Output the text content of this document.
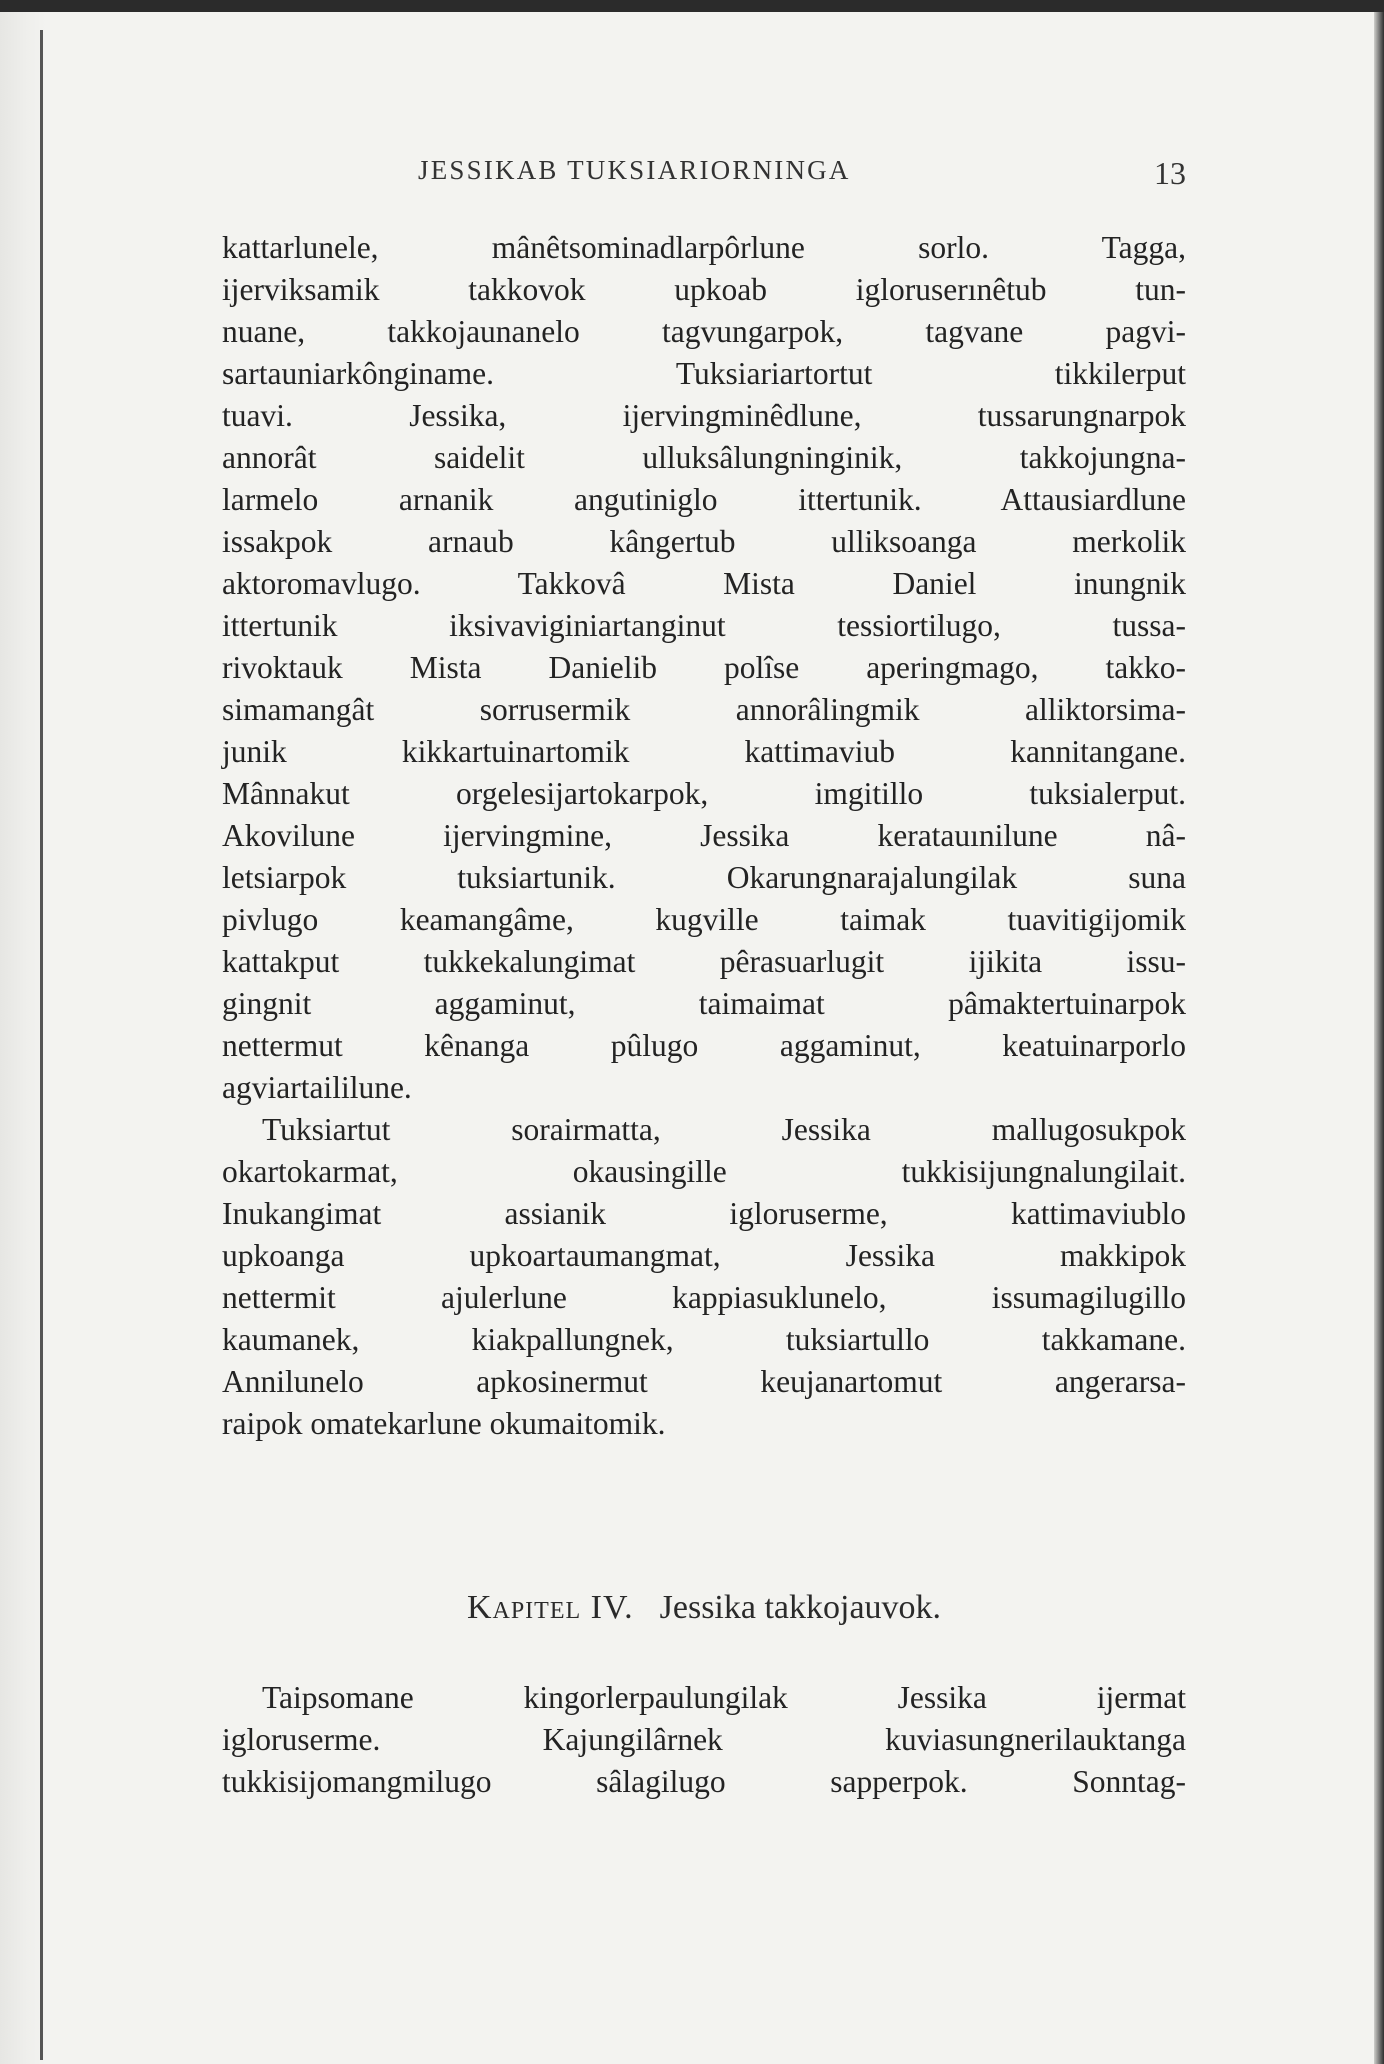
JESSIKAB TUKSIARIORNINGA	13
kattarlunele, mânêtsominadlarpôrlune sorlo. Tagga,
ijerviksamik takkovok upkoab igloruserınêtub tun-
nuane, takkojaunanelo tagvungarpok, tagvane pagvi-
sartauniarkônginame. Tuksiariartortut tikkilerput
tuavi. Jessika, ijervingminêdlune, tussarungnarpok
annorât saidelit ulluksâlungninginik, takkojungna-
larmelo arnanik angutiniglo ittertunik. Attausiardlune
issakpok arnaub kângertub ulliksoanga merkolik
aktoromavlugo. Takkovâ Mista Daniel inungnik
ittertunik iksivaviginiartanginut tessiortilugo, tussa-
rivoktauk Mista Danielib polîse aperingmago, takko-
simamangât sorrusermik annorâlingmik alliktorsima-
junik kikkartuinartomik kattimaviub kannitangane.
Mânnakut orgelesijartokarpok, imgitillo tuksialerput.
Akovilune ijervingmine, Jessika keratauınilune nâ-
letsiarpok tuksiartunik. Okarungnarajalungilak suna
pivlugo keamangâme, kugville taimak tuavitigijomik
kattakput tukkekalungimat pêrasuarlugit ijikita issu-
gingnit aggaminut, taimaimat pâmaktertuinarpok
nettermut kênanga pûlugo aggaminut, keatuinarporlo
agviartaililune.
Tuksiartut sorairmatta, Jessika mallugosukpok
okartokarmat, okausingille tukkisijungnalungilait.
Inukangimat assianik igloruserme, kattimaviublo
upkoanga upkoartaumangmat, Jessika makkipok
nettermit ajulerlune kappiasuklunelo, issumagilugillo
kaumanek, kiakpallungnek, tuksiartullo takkamane.
Annilunelo apkosinermut keujanartomut angerarsa-
raipok omatekarlune okumaitomik.
Kapitel IV. Jessika takkojauvok.
Taipsomane kingorlerpaulungilak Jessika ijermat
igloruserme. Kajungilârnek kuviasungnerilauktanga
tukkisijomangmilugo sâlagilugo sapperpok. Sonntag-
